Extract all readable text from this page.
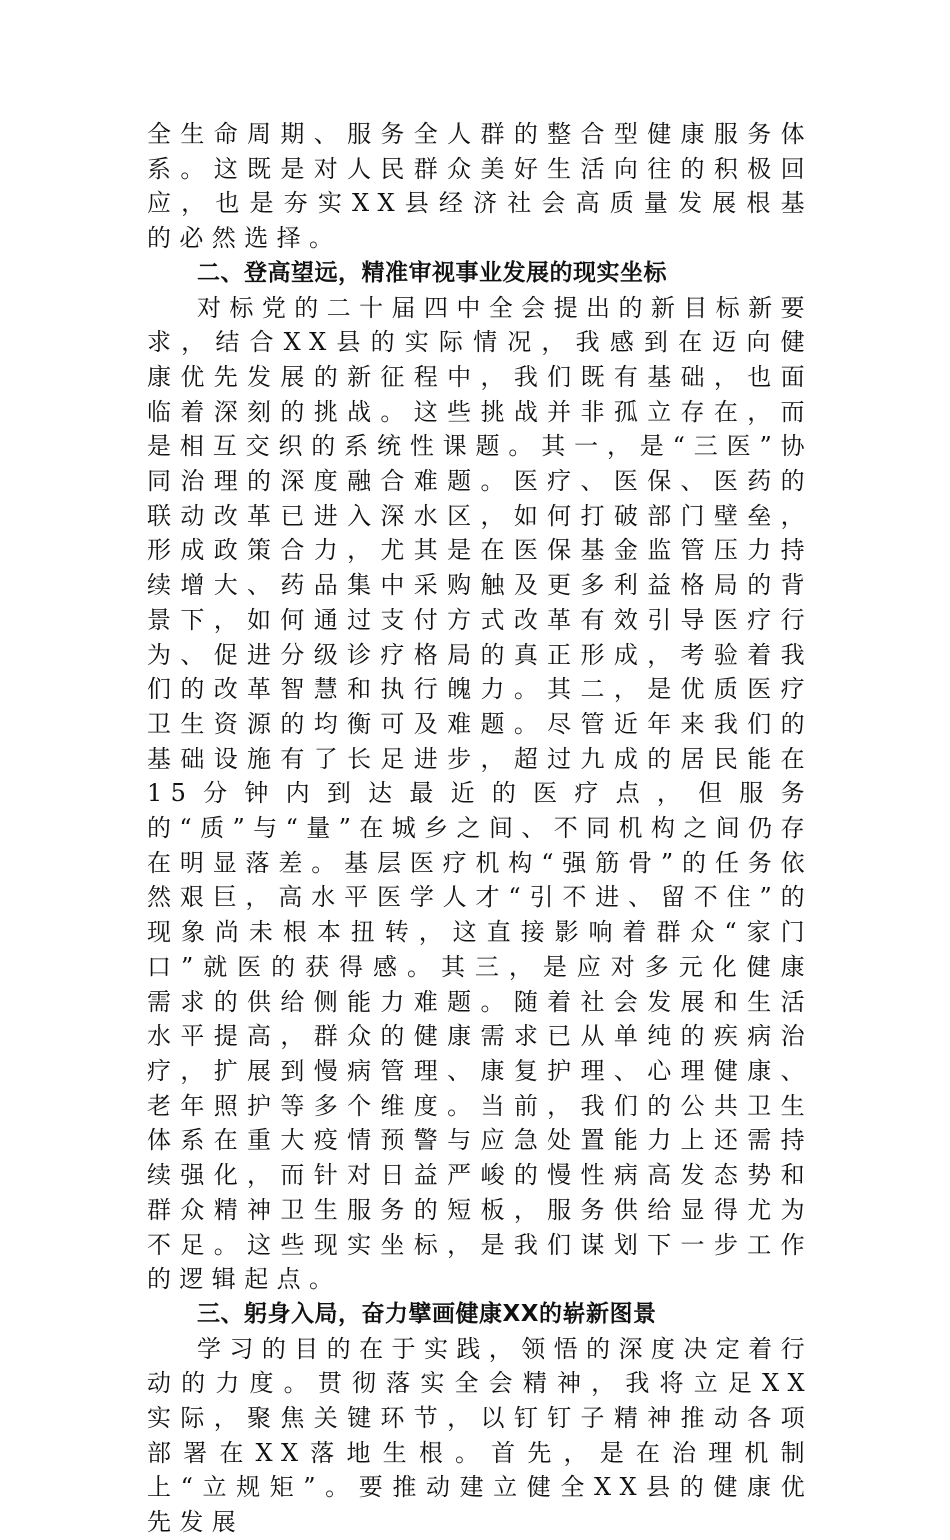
全生命周期、服务全人群的整合型健康服务体系。这既是对人民群众美好生活向往的积极回应，也是夯实XX县经济社会高质量发展根基的必然选择。

二、登高望远，精准审视事业发展的现实坐标

对标党的二十届四中全会提出的新目标新要求，结合XX县的实际情况，我感到在迈向健康优先发展的新征程中，我们既有基础，也面临着深刻的挑战。这些挑战并非孤立存在，而是相互交织的系统性课题。其一，是“三医”协同治理的深度融合难题。医疗、医保、医药的联动改革已进入深水区，如何打破部门壁垒，形成政策合力，尤其是在医保基金监管压力持续增大、药品集中采购触及更多利益格局的背景下，如何通过支付方式改革有效引导医疗行为、促进分级诊疗格局的真正形成，考验着我们的改革智慧和执行魄力。其二，是优质医疗卫生资源的均衡可及难题。尽管近年来我们的基础设施有了长足进步，超过九成的居民能在15分钟内到达最近的医疗点，但服务的“质”与“量”在城乡之间、不同机构之间仍存在明显落差。基层医疗机构“强筋骨”的任务依然艰巨，高水平医学人才“引不进、留不住”的现象尚未根本扭转，这直接影响着群众“家门口”就医的获得感。其三，是应对多元化健康需求的供给侧能力难题。随着社会发展和生活水平提高，群众的健康需求已从单纯的疾病治疗，扩展到慢病管理、康复护理、心理健康、老年照护等多个维度。当前，我们的公共卫生体系在重大疫情预警与应急处置能力上还需持续强化，而针对日益严峻的慢性病高发态势和群众精神卫生服务的短板，服务供给显得尤为不足。这些现实坐标，是我们谋划下一步工作的逻辑起点。

三、躬身入局，奋力擘画健康XX的崭新图景

学习的目的在于实践，领悟的深度决定着行动的力度。贯彻落实全会精神，我将立足XX实际，聚焦关键环节，以钉钉子精神推动各项部署在XX落地生根。首先，是在治理机制上“立规矩”。要推动建立健全XX县的健康优先发展
